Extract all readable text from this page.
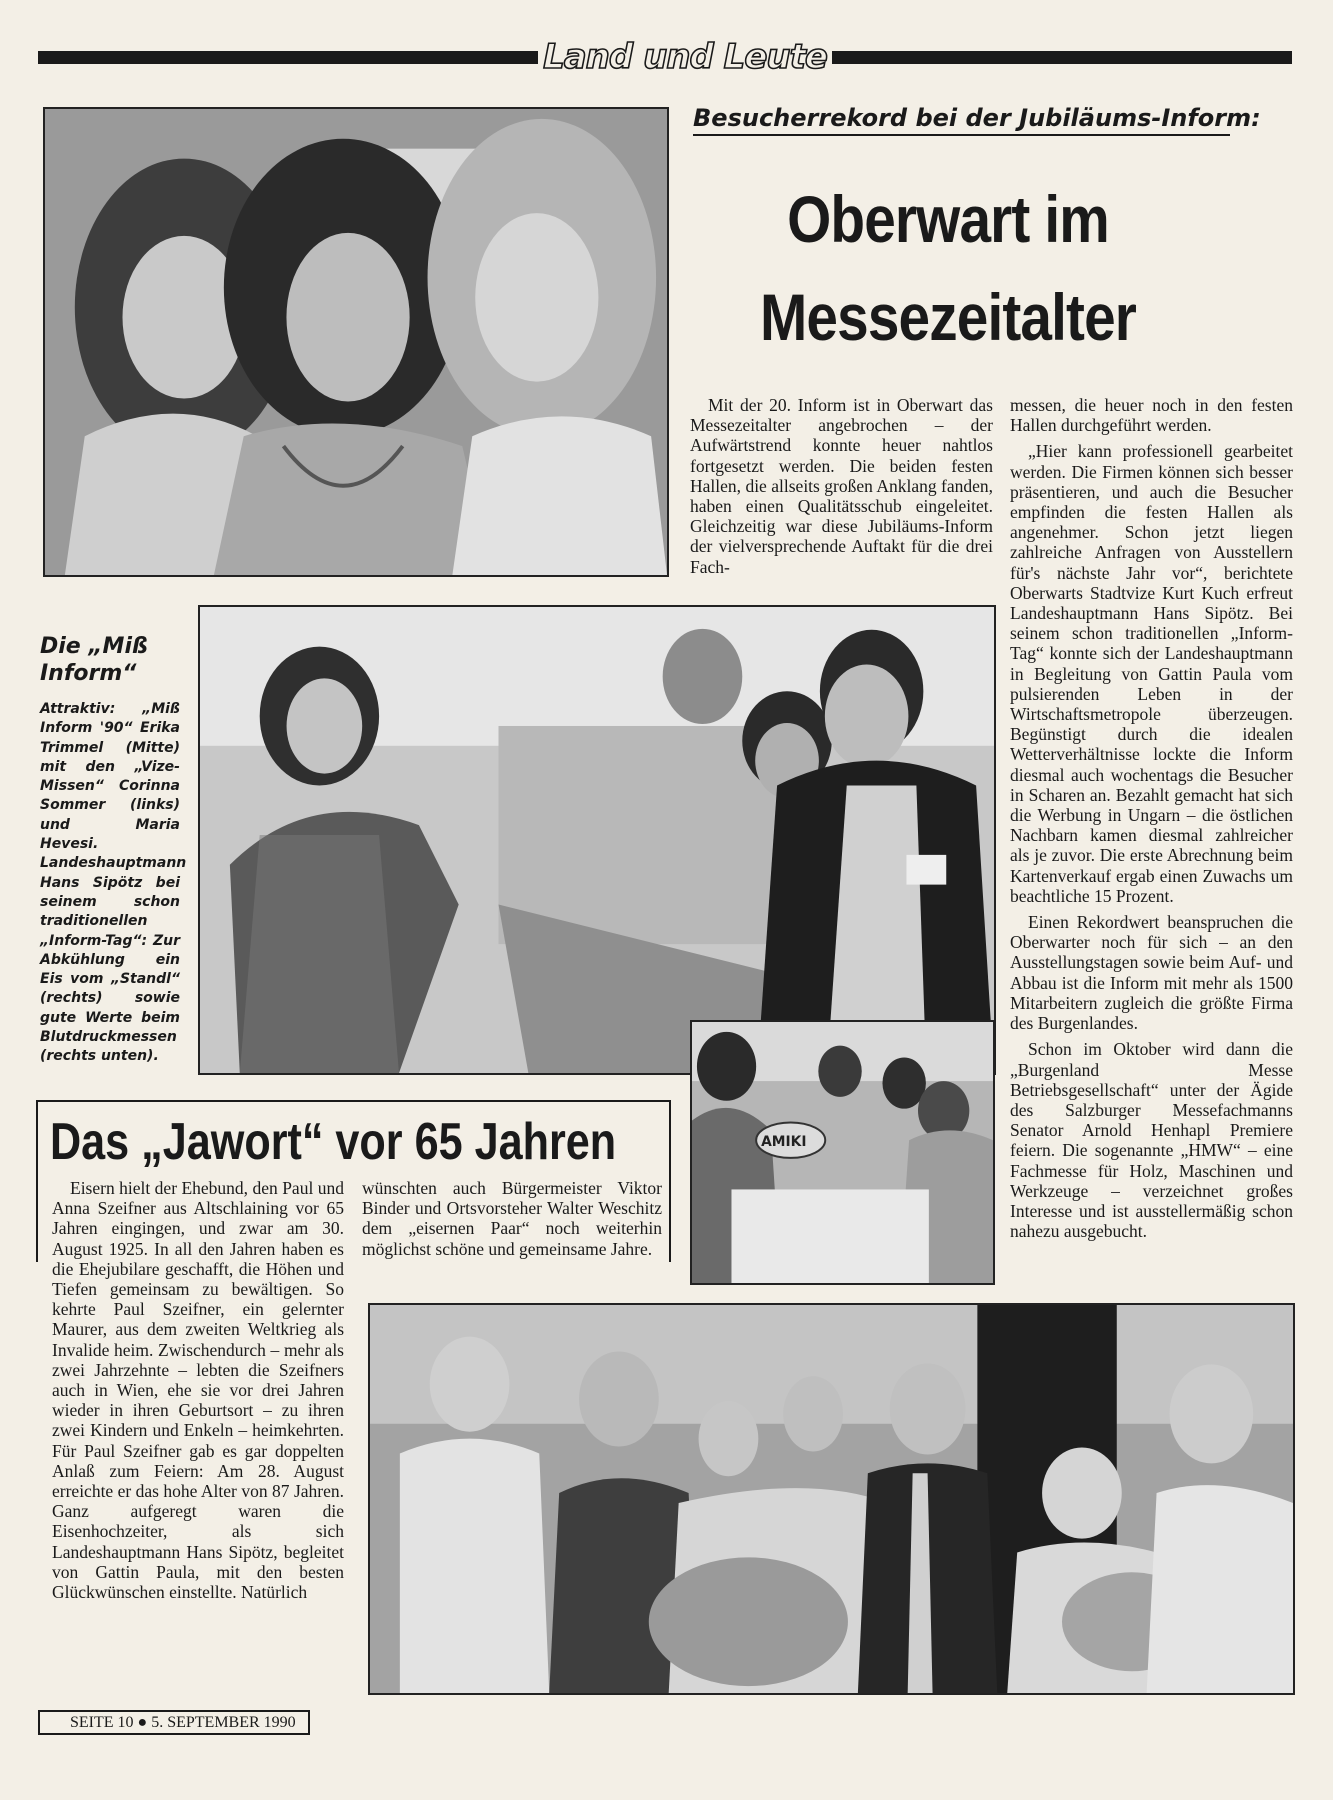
Land und Leute
Besucherrekord bei der Jubiläums-Inform:
Oberwart im
Messezeitalter

Mit der 20. Inform ist in Oberwart das Messezeitalter angebrochen – der Aufwärtstrend konnte heuer nahtlos fortgesetzt werden. Die beiden festen Hallen, die allseits großen Anklang fanden, haben einen Qualitätsschub eingeleitet. Gleichzeitig war diese Jubiläums-Inform der vielversprechende Auftakt für die drei Fach-

messen, die heuer noch in den festen Hallen durchgeführt werden.

„Hier kann professionell gearbeitet werden. Die Firmen können sich besser präsentieren, und auch die Besucher empfinden die festen Hallen als angenehmer. Schon jetzt liegen zahlreiche Anfragen von Ausstellern für's nächste Jahr vor“, berichtete Oberwarts Stadtvize Kurt Kuch erfreut Landeshauptmann Hans Sipötz. Bei seinem schon traditionellen „Inform-Tag“ konnte sich der Landeshauptmann in Begleitung von Gattin Paula vom pulsierenden Leben in der Wirtschaftsmetropole überzeugen. Begünstigt durch die idealen Wetterverhältnisse lockte die Inform diesmal auch wochentags die Besucher in Scharen an. Bezahlt gemacht hat sich die Werbung in Ungarn – die östlichen Nachbarn kamen diesmal zahlreicher als je zuvor. Die erste Abrechnung beim Kartenverkauf ergab einen Zuwachs um beachtliche 15 Prozent.

Einen Rekordwert beanspruchen die Oberwarter noch für sich – an den Ausstellungstagen sowie beim Auf- und Abbau ist die Inform mit mehr als 1500 Mitarbeitern zugleich die größte Firma des Burgenlandes.

Schon im Oktober wird dann die „Burgenland Messe Betriebsgesellschaft“ unter der Ägide des Salzburger Messefachmanns Senator Arnold Henhapl Premiere feiern. Die sogenannte „HMW“ – eine Fachmesse für Holz, Maschinen und Werkzeuge – verzeichnet großes Interesse und ist ausstellermäßig schon nahezu ausgebucht.

Die „Miß Inform“
Attraktiv: „Miß Inform '90“ Erika Trimmel (Mitte) mit den „Vize-Missen“ Corinna Sommer (links) und Maria Hevesi. Landeshauptmann Hans Sipötz bei seinem schon traditionellen „Inform-Tag“: Zur Abkühlung ein Eis vom „Standl“ (rechts) sowie gute Werte beim Blutdruckmessen (rechts unten).
AMIKI
Das „Jawort“ vor 65 Jahren

Eisern hielt der Ehebund, den Paul und Anna Szeifner aus Altschlaining vor 65 Jahren eingingen, und zwar am 30. August 1925. In all den Jahren haben es die Ehejubilare geschafft, die Höhen und Tiefen gemeinsam zu bewältigen. So kehrte Paul Szeifner, ein gelernter Maurer, aus dem zweiten Weltkrieg als Invalide heim. Zwischendurch – mehr als zwei Jahrzehnte – lebten die Szeifners auch in Wien, ehe sie vor drei Jahren wieder in ihren Geburtsort – zu ihren zwei Kindern und Enkeln – heimkehrten. Für Paul Szeifner gab es gar doppelten Anlaß zum Feiern: Am 28. August erreichte er das hohe Alter von 87 Jahren. Ganz aufgeregt waren die Eisenhochzeiter, als sich Landeshauptmann Hans Sipötz, begleitet von Gattin Paula, mit den besten Glückwünschen einstellte. Natürlich

wünschten auch Bürgermeister Viktor Binder und Ortsvorsteher Walter Weschitz dem „eisernen Paar“ noch weiterhin möglichst schöne und gemeinsame Jahre.

SEITE 10 ● 5. SEPTEMBER 1990
